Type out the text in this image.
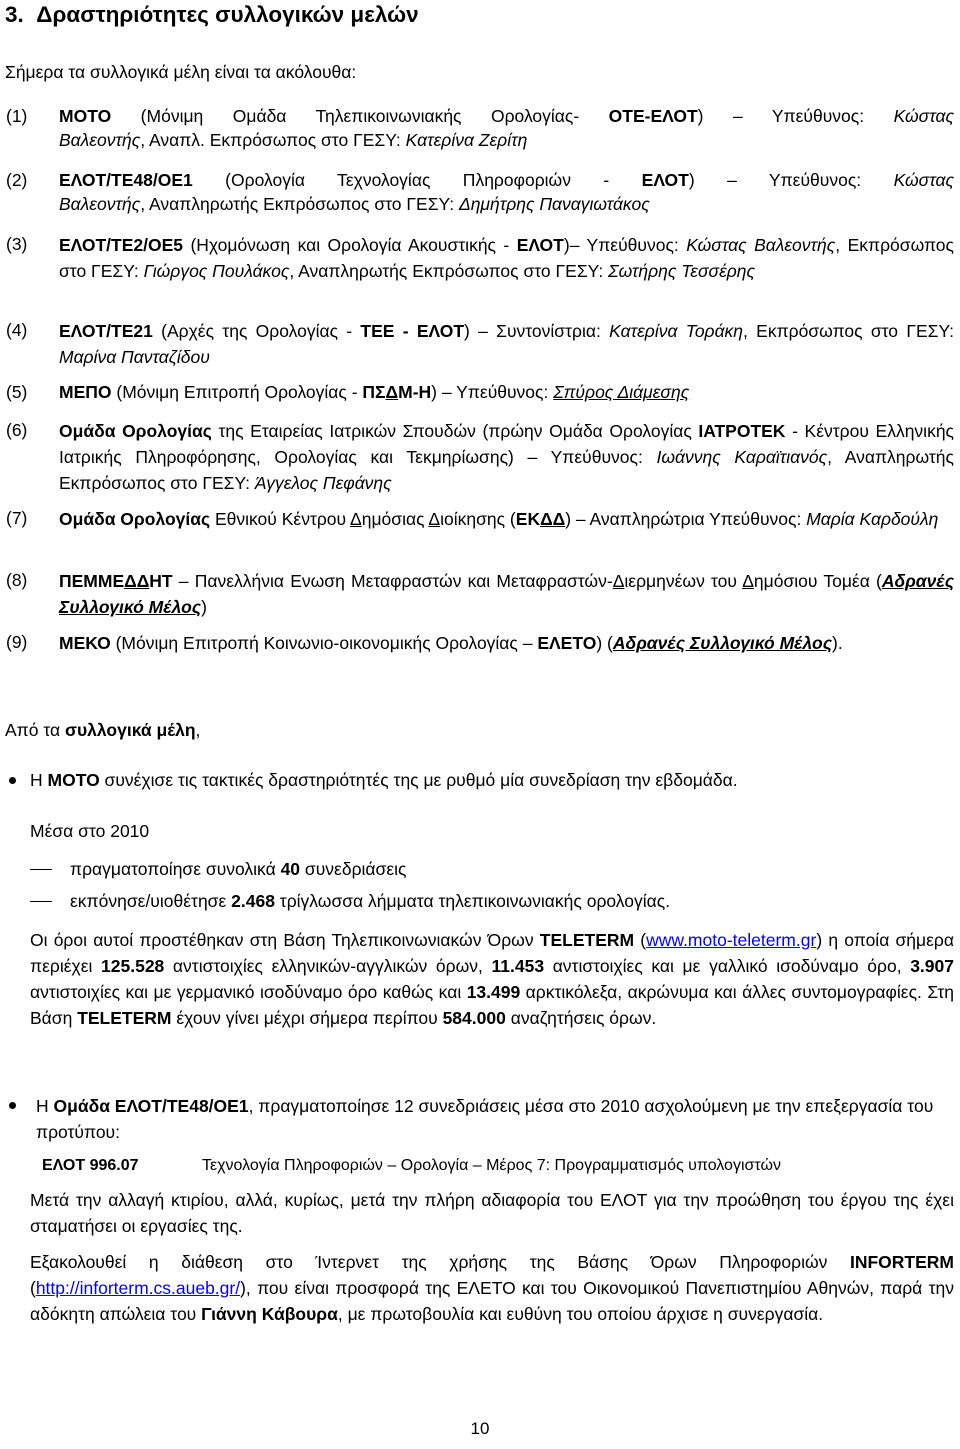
3.  Δραστηριότητες συλλογικών μελών
Σήμερα τα συλλογικά μέλη είναι τα ακόλουθα:
(1) ΜΟΤΟ (Μόνιμη Ομάδα Τηλεπικοινωνιακής Ορολογίας- ΟΤΕ-ΕΛΟΤ) – Υπεύθυνος: Κώστας
Βαλεοντής, Αναπλ. Εκπρόσωπος στο ΓΕΣΥ: Κατερίνα Ζερίτη
(2) ΕΛΟΤ/ΤΕ48/ΟΕ1 (Ορολογία Τεχνολογίας Πληροφοριών - ΕΛΟΤ) – Υπεύθυνος: Κώστας
Βαλεοντής, Αναπληρωτής Εκπρόσωπος στο ΓΕΣΥ: Δημήτρης Παναγιωτάκος
(3) ΕΛΟΤ/ΤΕ2/ΟΕ5 (Ηχομόνωση και Ορολογία Ακουστικής - ΕΛΟΤ)– Υπεύθυνος: Κώστας Βαλεοντής, Εκπρόσωπος στο ΓΕΣΥ: Γιώργος Πουλάκος, Αναπληρωτής Εκπρόσωπος στο ΓΕΣΥ: Σωτήρης Τεσσέρης
(4) ΕΛΟΤ/ΤΕ21 (Αρχές της Ορολογίας - ΤΕΕ - ΕΛΟΤ) – Συντονίστρια: Κατερίνα Τοράκη, Εκπρόσωπος στο ΓΕΣΥ: Μαρίνα Πανταζίδου
(5) ΜΕΠΟ (Μόνιμη Επιτροπή Ορολογίας - ΠΣΔΜ-Η) – Υπεύθυνος: Σπύρος Διάμεσης
(6) Ομάδα Ορολογίας της Εταιρείας Ιατρικών Σπουδών (πρώην Ομάδα Ορολογίας ΙΑΤΡΟΤΕΚ - Κέντρου Ελληνικής Ιατρικής Πληροφόρησης, Ορολογίας και Τεκμηρίωσης) – Υπεύθυνος: Ιωάννης Καραϊτιανός, Αναπληρωτής Εκπρόσωπος στο ΓΕΣΥ: Άγγελος Πεφάνης
(7) Ομάδα Ορολογίας Εθνικού Κέντρου Δημόσιας Διοίκησης (ΕΚΔΔ) – Αναπληρώτρια Υπεύθυνος: Μαρία Καρδούλη
(8) ΠΕΜΜΕΔΔΗΤ – Πανελλήνια Ενωση Μεταφραστών και Μεταφραστών-Διερμηνέων του Δημόσιου Τομέα (Αδρανές Συλλογικό Μέλος)
(9) ΜΕΚΟ (Μόνιμη Επιτροπή Κοινωνιο-οικονομικής Ορολογίας – ΕΛΕΤΟ) (Αδρανές Συλλογικό Μέλος).
Από τα συλλογικά μέλη,
Η ΜΟΤΟ συνέχισε τις τακτικές δραστηριότητές της με ρυθμό μία συνεδρίαση την εβδομάδα.
Μέσα στο 2010
πραγματοποίησε συνολικά 40 συνεδριάσεις
εκπόνησε/υιοθέτησε 2.468 τρίγλωσσα λήμματα τηλεπικοινωνιακής ορολογίας.
Οι όροι αυτοί προστέθηκαν στη Βάση Τηλεπικοινωνιακών Όρων TELETERM (www.moto-teleterm.gr) η οποία σήμερα περιέχει 125.528 αντιστοιχίες ελληνικών-αγγλικών όρων, 11.453 αντιστοιχίες και με γαλλικό ισοδύναμο όρο, 3.907 αντιστοιχίες και με γερμανικό ισοδύναμο όρο καθώς και 13.499 αρκτικόλεξα, ακρώνυμα και άλλες συντομογραφίες. Στη Βάση TELETERM έχουν γίνει μέχρι σήμερα περίπου 584.000 αναζητήσεις όρων.
Η Ομάδα ΕΛΟΤ/ΤΕ48/ΟΕ1, πραγματοποίησε 12 συνεδριάσεις μέσα στο 2010 ασχολούμενη με την επεξεργασία του προτύπου:
ΕΛΟΤ 996.07	Τεχνολογία Πληροφοριών – Ορολογία – Μέρος 7: Προγραμματισμός υπολογιστών
Μετά την αλλαγή κτιρίου, αλλά, κυρίως, μετά την πλήρη αδιαφορία του ΕΛΟΤ για την προώθηση του έργου της έχει σταματήσει οι εργασίες της.
Εξακολουθεί η διάθεση στο Ίντερνετ της χρήσης της Βάσης Όρων Πληροφοριών INFORTERM (http://inforterm.cs.aueb.gr/), που είναι προσφορά της ΕΛΕΤΟ και του Οικονομικού Πανεπιστημίου Αθηνών, παρά την αδόκητη απώλεια του Γιάννη Κάβουρα, με πρωτοβουλία και ευθύνη του οποίου άρχισε η συνεργασία.
10
